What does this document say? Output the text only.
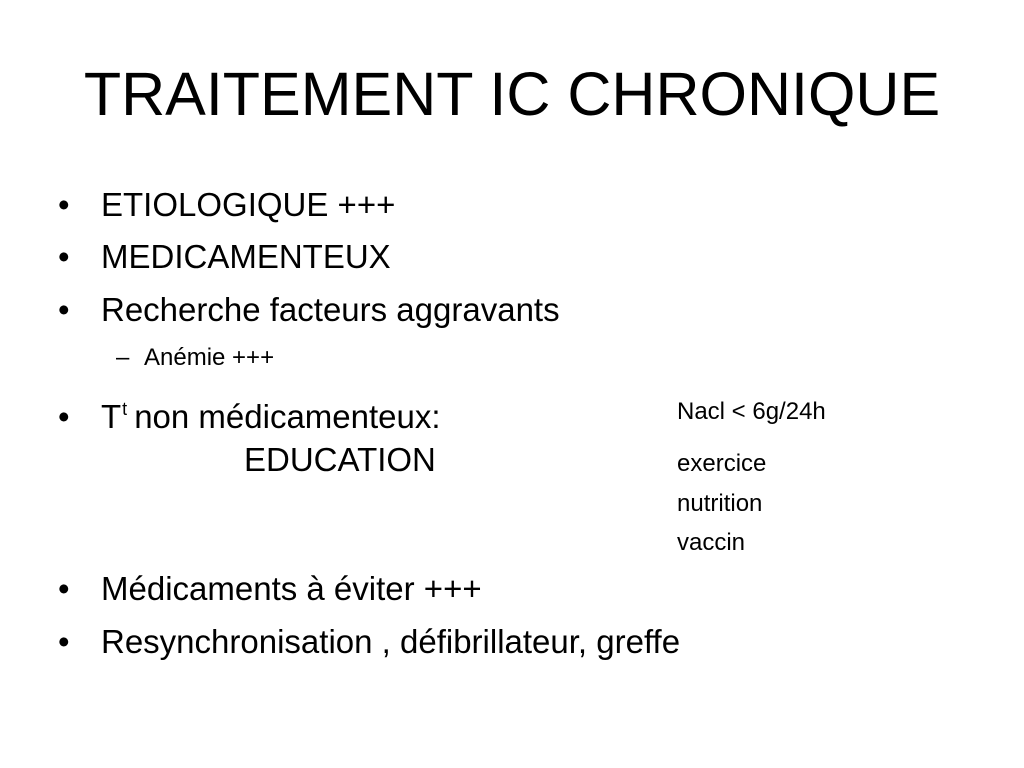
TRAITEMENT IC CHRONIQUE
• ETIOLOGIQUE +++
• MEDICAMENTEUX
• Recherche facteurs aggravants
– Anémie +++
• $T^t$ non médicamenteux:
EDUCATION
Nacl < 6g/24h
exercice
nutrition
vaccin
• Médicaments à éviter +++
• Resynchronisation , défibrillateur, greffe
